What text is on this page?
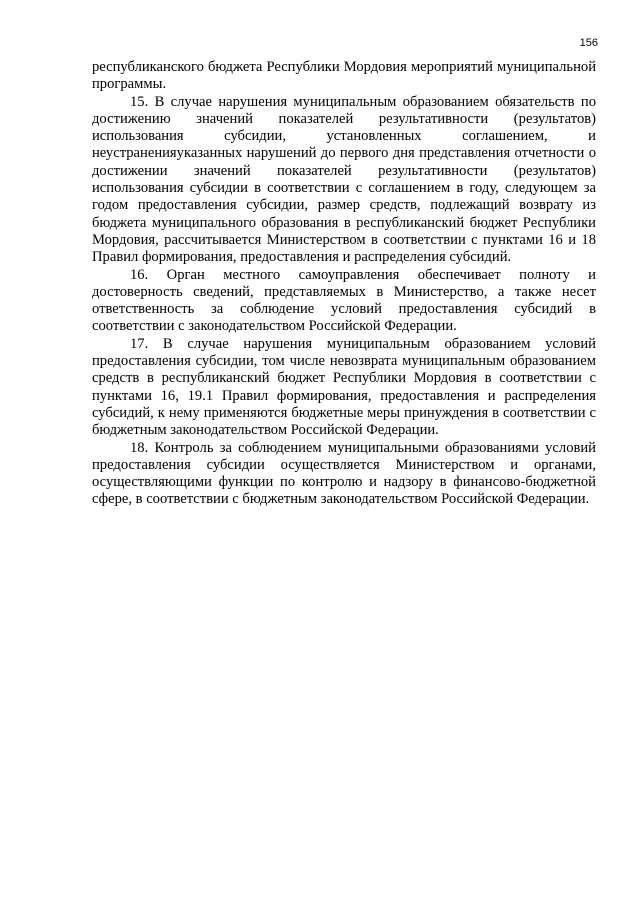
156

республиканского бюджета Республики Мордовия мероприятий муниципальной программы.

15. В случае нарушения муниципальным образованием обязательств по достижению значений показателей результативности (результатов) использования субсидии, установленных соглашением, и неустраненияуказанных нарушений до первого дня представления отчетности о достижении значений показателей результативности (результатов) использования субсидии в соответствии с соглашением в году, следующем за годом предоставления субсидии, размер средств, подлежащий возврату из бюджета муниципального образования в республиканский бюджет Республики Мордовия, рассчитывается Министерством в соответствии с пунктами 16 и 18 Правил формирования, предоставления и распределения субсидий.

16. Орган местного самоуправления обеспечивает полноту и достоверность сведений, представляемых в Министерство, а также несет ответственность за соблюдение условий предоставления субсидий в соответствии с законодательством Российской Федерации.

17. В случае нарушения муниципальным образованием условий предоставления субсидии, том числе невозврата муниципальным образованием средств в республиканский бюджет Республики Мордовия в соответствии с пунктами 16, 19.1 Правил формирования, предоставления и распределения субсидий, к нему применяются бюджетные меры принуждения в соответствии с бюджетным законодательством Российской Федерации.

18. Контроль за соблюдением муниципальными образованиями условий предоставления субсидии осуществляется Министерством и органами, осуществляющими функции по контролю и надзору в финансово-бюджетной сфере, в соответствии с бюджетным законодательством Российской Федерации.
